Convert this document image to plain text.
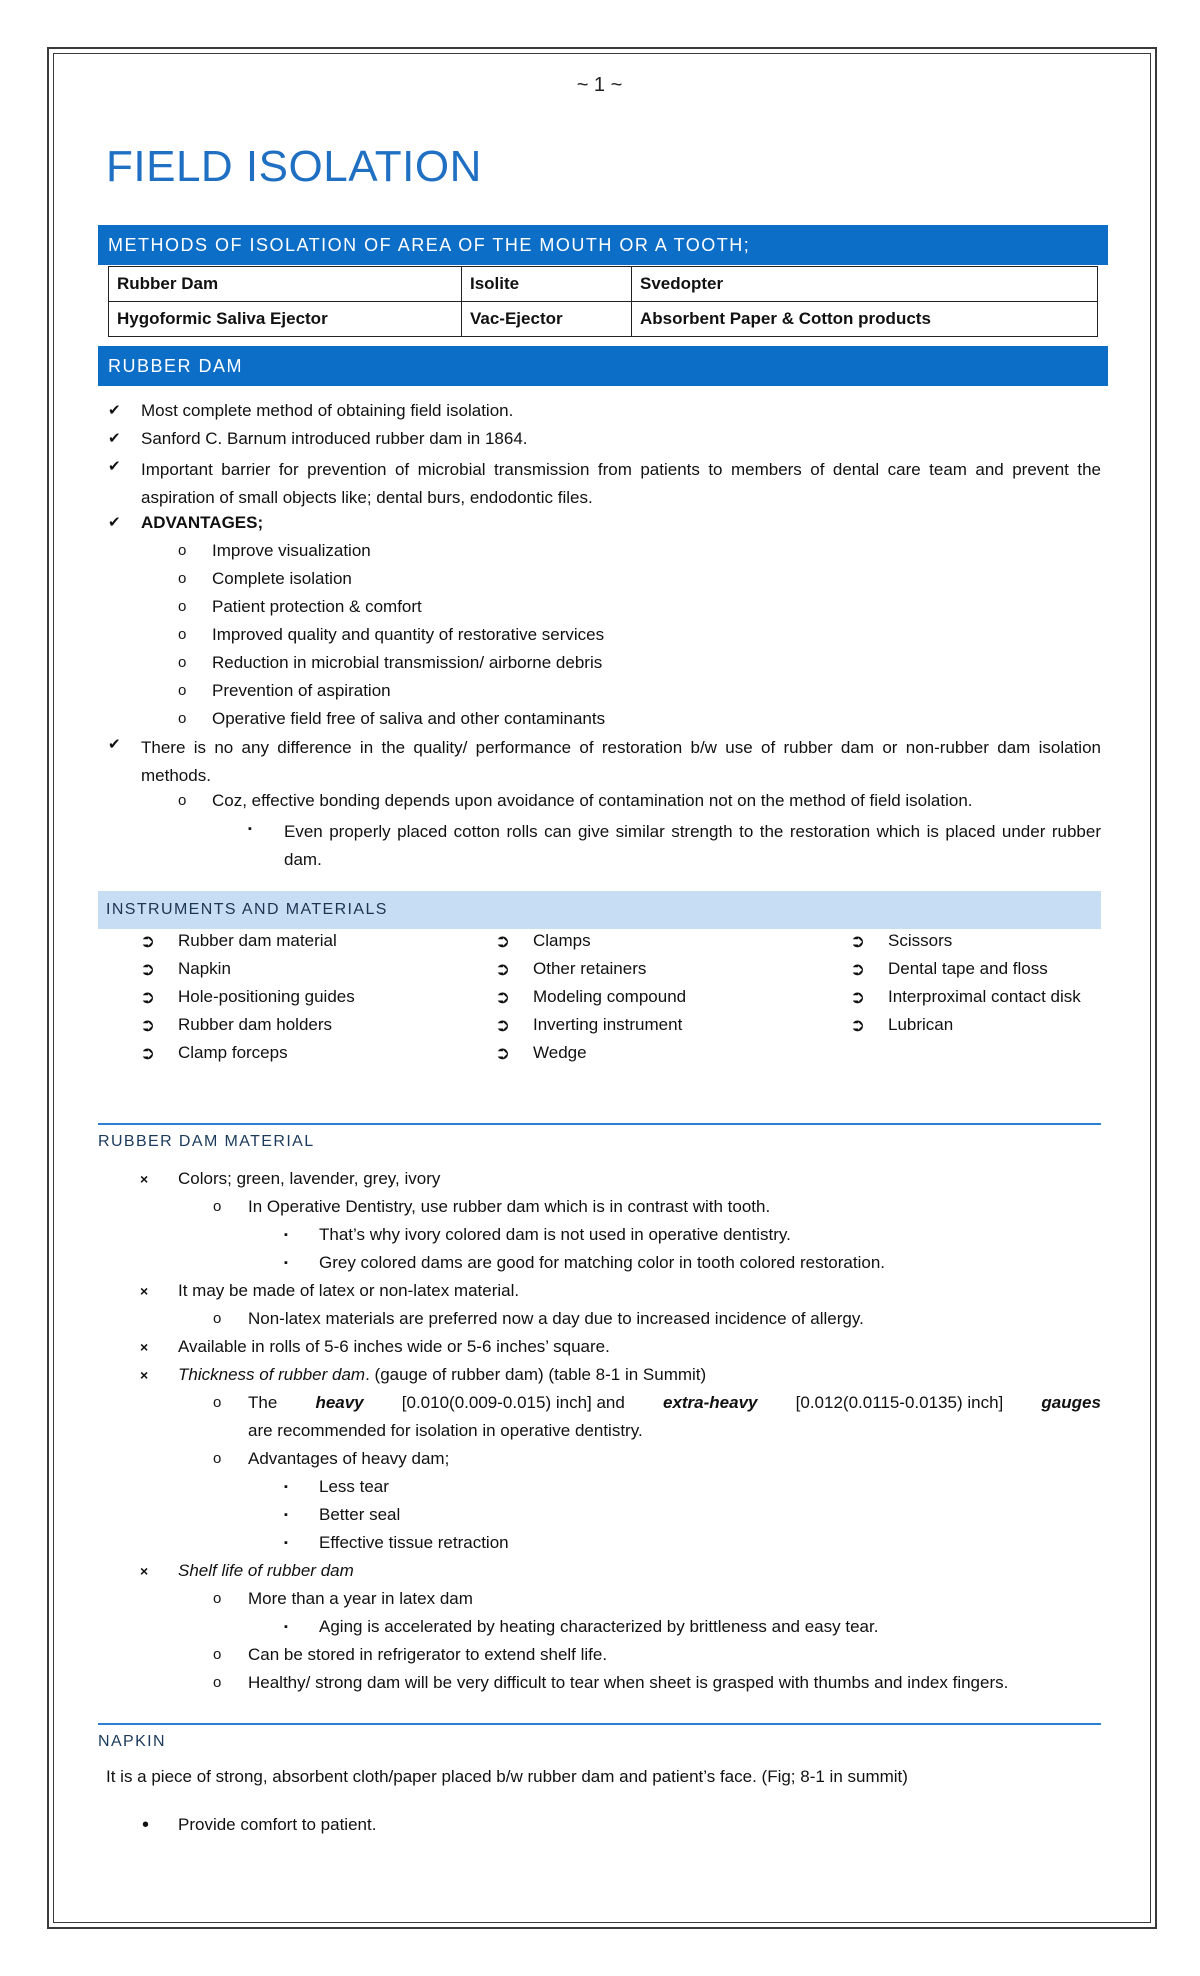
~ 1 ~
FIELD ISOLATION
METHODS OF ISOLATION OF AREA OF THE MOUTH OR A TOOTH;
Rubber Dam	Isolite	Svedopter
Hygoformic Saliva Ejector	Vac-Ejector	Absorbent Paper & Cotton products
RUBBER DAM
✔ Most complete method of obtaining field isolation.
✔ Sanford C. Barnum introduced rubber dam in 1864.
✔ Important barrier for prevention of microbial transmission from patients to members of dental care team and prevent the aspiration of small objects like; dental burs, endodontic files.
✔ ADVANTAGES;
o Improve visualization
o Complete isolation
o Patient protection & comfort
o Improved quality and quantity of restorative services
o Reduction in microbial transmission/ airborne debris
o Prevention of aspiration
o Operative field free of saliva and other contaminants
✔ There is no any difference in the quality/ performance of restoration b/w use of rubber dam or non-rubber dam isolation methods.
o Coz, effective bonding depends upon avoidance of contamination not on the method of field isolation.
▪ Even properly placed cotton rolls can give similar strength to the restoration which is placed under rubber dam.
INSTRUMENTS AND MATERIALS
➲ Rubber dam material
➲ Napkin
➲ Hole-positioning guides
➲ Rubber dam holders
➲ Clamp forceps
➲ Clamps
➲ Other retainers
➲ Modeling compound
➲ Inverting instrument
➲ Wedge
➲ Scissors
➲ Dental tape and floss
➲ Interproximal contact disk
➲ Lubrican
RUBBER DAM MATERIAL
× Colors; green, lavender, grey, ivory
o In Operative Dentistry, use rubber dam which is in contrast with tooth.
▪ That’s why ivory colored dam is not used in operative dentistry.
▪ Grey colored dams are good for matching color in tooth colored restoration.
× It may be made of latex or non-latex material.
o Non-latex materials are preferred now a day due to increased incidence of allergy.
× Available in rolls of 5-6 inches wide or 5-6 inches’ square.
× Thickness of rubber dam. (gauge of rubber dam) (table 8-1 in Summit)
o The heavy [0.010(0.009-0.015) inch] and extra-heavy [0.012(0.0115-0.0135) inch] gauges
are recommended for isolation in operative dentistry.
o Advantages of heavy dam;
▪ Less tear
▪ Better seal
▪ Effective tissue retraction
× Shelf life of rubber dam
o More than a year in latex dam
▪ Aging is accelerated by heating characterized by brittleness and easy tear.
o Can be stored in refrigerator to extend shelf life.
o Healthy/ strong dam will be very difficult to tear when sheet is grasped with thumbs and index fingers.
NAPKIN
It is a piece of strong, absorbent cloth/paper placed b/w rubber dam and patient’s face. (Fig; 8-1 in summit)
• Provide comfort to patient.
